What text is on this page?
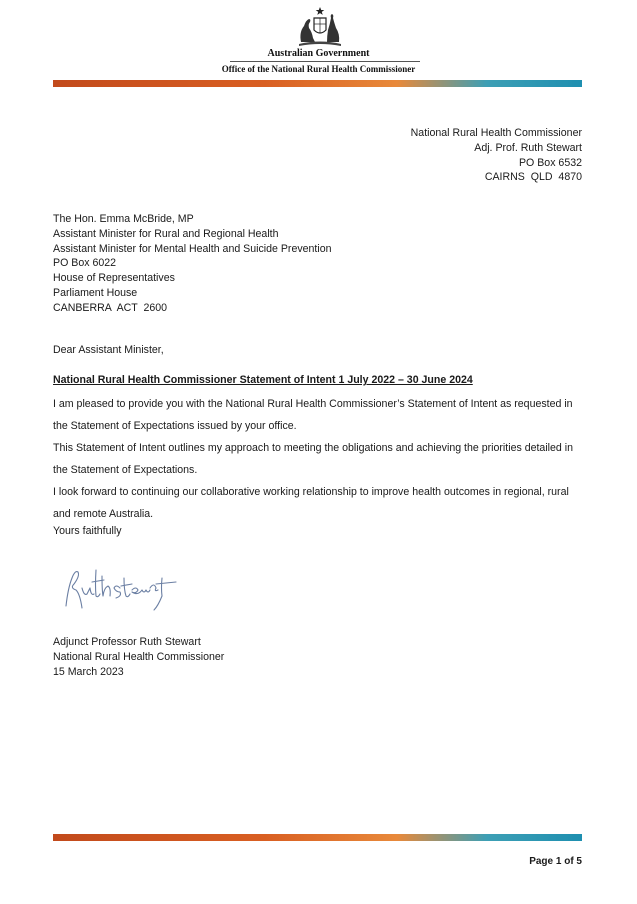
Australian Government
Office of the National Rural Health Commissioner
National Rural Health Commissioner
Adj. Prof. Ruth Stewart
PO Box 6532
CAIRNS  QLD  4870
The Hon. Emma McBride, MP
Assistant Minister for Rural and Regional Health
Assistant Minister for Mental Health and Suicide Prevention
PO Box 6022
House of Representatives
Parliament House
CANBERRA  ACT  2600
Dear Assistant Minister,
National Rural Health Commissioner Statement of Intent 1 July 2022 – 30 June 2024

I am pleased to provide you with the National Rural Health Commissioner’s Statement of Intent as requested in the Statement of Expectations issued by your office.

This Statement of Intent outlines my approach to meeting the obligations and achieving the priorities detailed in the Statement of Expectations.

I look forward to continuing our collaborative working relationship to improve health outcomes in regional, rural and remote Australia.

Yours faithfully
Adjunct Professor Ruth Stewart
National Rural Health Commissioner
15 March 2023
Page 1 of 5
